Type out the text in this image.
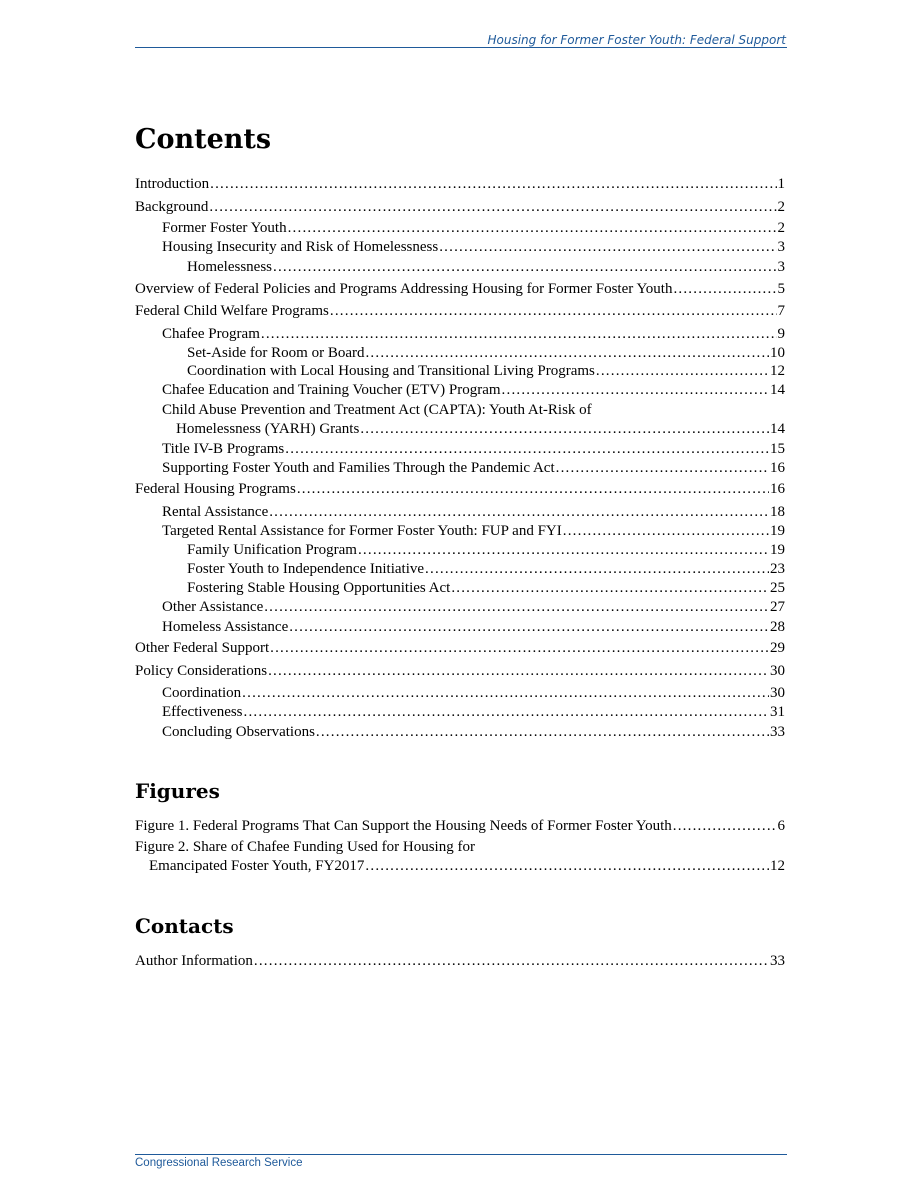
Housing for Former Foster Youth: Federal Support
Contents
Introduction .....	1
Background .....	2
Former Foster Youth .....	2
Housing Insecurity and Risk of Homelessness .....	3
Homelessness .....	3
Overview of Federal Policies and Programs Addressing Housing for Former Foster Youth .....	5
Federal Child Welfare Programs .....	7
Chafee Program .....	9
Set-Aside for Room or Board .....	10
Coordination with Local Housing and Transitional Living Programs .....	12
Chafee Education and Training Voucher (ETV) Program .....	14
Child Abuse Prevention and Treatment Act (CAPTA): Youth At-Risk of
Homelessness (YARH) Grants .....	14
Title IV-B Programs .....	15
Supporting Foster Youth and Families Through the Pandemic Act .....	16
Federal Housing Programs .....	16
Rental Assistance .....	18
Targeted Rental Assistance for Former Foster Youth: FUP and FYI .....	19
Family Unification Program .....	19
Foster Youth to Independence Initiative .....	23
Fostering Stable Housing Opportunities Act .....	25
Other Assistance .....	27
Homeless Assistance .....	28
Other Federal Support .....	29
Policy Considerations .....	30
Coordination .....	30
Effectiveness .....	31
Concluding Observations .....	33
Figures
Figure 1. Federal Programs That Can Support the Housing Needs of Former Foster Youth .....	6
Figure 2. Share of Chafee Funding Used for Housing for
Emancipated Foster Youth, FY2017 .....	12
Contacts
Author Information .....	33
Congressional Research Service
